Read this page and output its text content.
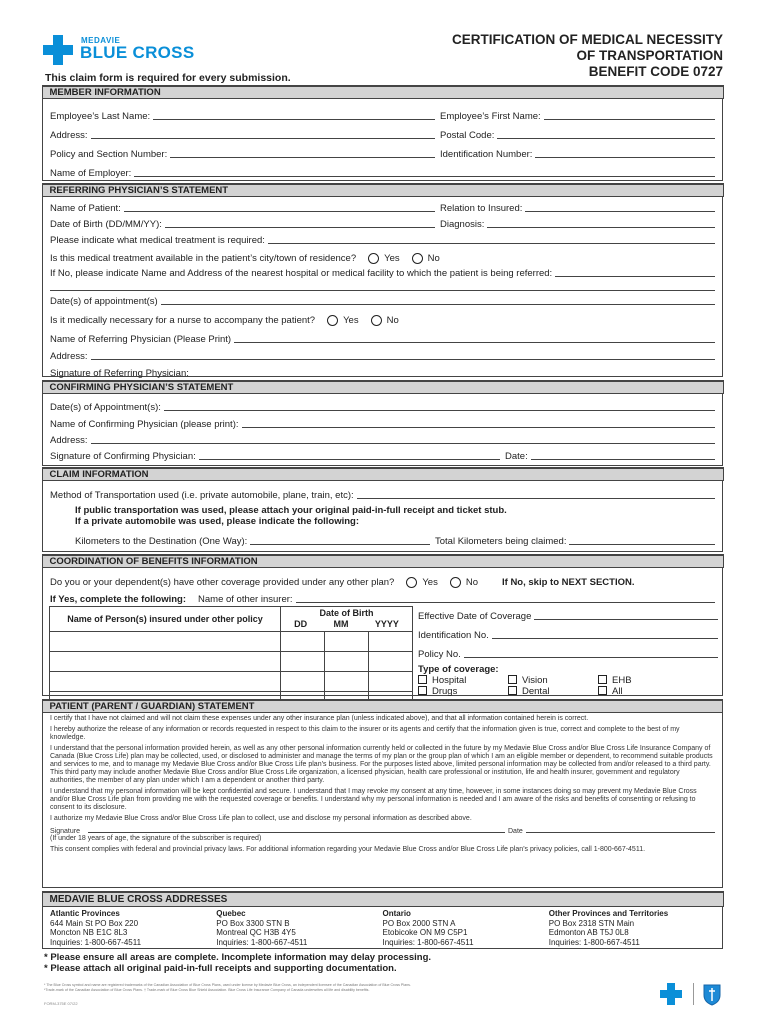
MEDAVIE
BLUE CROSS
CERTIFICATION OF MEDICAL NECESSITY
OF TRANSPORTATION
BENEFIT CODE 0727
This claim form is required for every submission.
MEMBER INFORMATION
Employee’s Last Name:	Employee’s First Name:
Address:	Postal Code:
Policy and Section Number:	Identification Number:
Name of Employer:
REFERRING PHYSICIAN’S STATEMENT
Name of Patient:	Relation to Insured:
Date of Birth (DD/MM/YY):	Diagnosis:
Please indicate what medical treatment is required:
Is this medical treatment available in the patient’s city/town of residence?	Yes	No
If No, please indicate Name and Address of the nearest hospital or medical facility to which the patient is being referred:
Date(s) of appointment(s)
Is it medically necessary for a nurse to accompany the patient?	Yes	No
Name of Referring Physician (Please Print)
Address:
Signature of Referring Physician:
CONFIRMING PHYSICIAN’S STATEMENT
Date(s) of Appointment(s):
Name of Confirming Physician (please print):
Address:
Signature of Confirming Physician:	Date:
CLAIM INFORMATION
Method of Transportation used (i.e. private automobile, plane, train, etc):
If public transportation was used, please attach your original paid-in-full receipt and ticket stub.
If a private automobile was used, please indicate the following:
Kilometers to the Destination (One Way):	Total Kilometers being claimed:
COORDINATION OF BENEFITS INFORMATION
Do you or your dependent(s) have other coverage provided under any other plan?	Yes	No	If No, skip to NEXT SECTION.
If Yes, complete the following: Name of other insurer:
Name of Person(s) insured under other policy	Date of Birth
DD MM YYYY		

Effective Date of Coverage
Identification No.
Policy No.
Type of coverage:
Hospital	Vision	EHB
Drugs	Dental	All
PATIENT (PARENT / GUARDIAN) STATEMENT

I certify that I have not claimed and will not claim these expenses under any other insurance plan (unless indicated above), and that all information contained herein is correct.

I hereby authorize the release of any information or records requested in respect to this claim to the insurer or its agents and certify that the information given is true, correct and complete to the best of my knowledge.

I understand that the personal information provided herein, as well as any other personal information currently held or collected in the future by my Medavie Blue Cross and/or Blue Cross Life Insurance Company of Canada (Blue Cross Life) plan may be collected, used, or disclosed to administer and manage the terms of my plan or the group plan of which I am an eligible member or dependent, to recommend suitable products and services to me, and to manage my Medavie Blue Cross and/or Blue Cross Life plan’s business. For the purposes listed above, limited personal information may be collected from and/or released to a third party. This third party may include another Medavie Blue Cross and/or Blue Cross Life organization, a licensed physician, health care professional or institution, life and health insurer, government and regulatory authorities, the member of any plan under which I am a dependent or another third party.

I understand that my personal information will be kept confidential and secure. I understand that I may revoke my consent at any time, however, in some instances doing so may prevent my Medavie Blue Cross and/or Blue Cross Life plan from providing me with the requested coverage or benefits. I understand why my personal information is needed and I am aware of the risks and benefits of consenting or refusing to consent to its disclosure.

I authorize my Medavie Blue Cross and/or Blue Cross Life plan to collect, use and disclose my personal information as described above.

Signature	Date

(If under 18 years of age, the signature of the subscriber is required)

This consent complies with federal and provincial privacy laws. For additional information regarding your Medavie Blue Cross and/or Blue Cross Life plan’s privacy policies, call 1-800-667-4511.

MEDAVIE BLUE CROSS ADDRESSES
Atlantic Provinces
644 Main St PO Box 220
Moncton NB E1C 8L3
Inquiries: 1-800-667-4511
Quebec
PO Box 3300 STN B
Montreal QC H3B 4Y5
Inquiries: 1-800-667-4511
Ontario
PO Box 2000 STN A
Etobicoke ON M9 C5P1
Inquiries: 1-800-667-4511
Other Provinces and Territories
PO Box 2318 STN Main
Edmonton AB T5J 0L8
Inquiries: 1-800-667-4511
* Please ensure all areas are complete. Incomplete information may delay processing.
* Please attach all original paid-in-full receipts and supporting documentation.
* The Blue Cross symbol and name are registered trademarks of the Canadian Association of Blue Cross Plans, used under license by Medavie Blue Cross, an independent licensee of the Canadian Association of Blue Cross Plans.
*Trade-mark of the Canadian Association of Blue Cross Plans. † Trade-mark of Blue Cross Blue Shield Association. Blue Cross Life Insurance Company of Canada underwrites all life and disability benefits.
FORM-375E 07/22
